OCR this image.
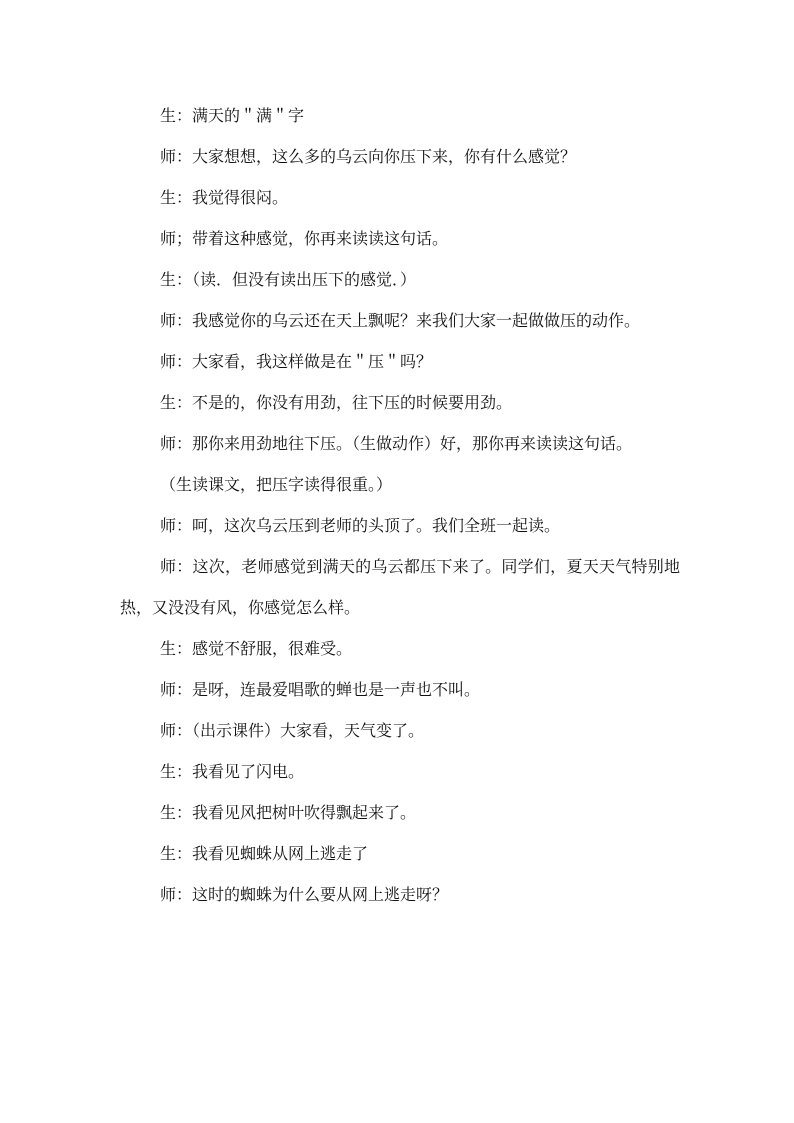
生：满天的＂满＂字

师：大家想想，这么多的乌云向你压下来，你有什么感觉？

生：我觉得很闷。

师；带着这种感觉，你再来读读这句话。

生：（读．但没有读出压下的感觉．）

师：我感觉你的乌云还在天上飘呢？来我们大家一起做做压的动作。

师：大家看，我这样做是在＂压＂吗？

生：不是的，你没有用劲，往下压的时候要用劲。

师：那你来用劲地往下压。（生做动作）好，那你再来读读这句话。

（生读课文，把压字读得很重。）

师：呵，这次乌云压到老师的头顶了。我们全班一起读。

师：这次，老师感觉到满天的乌云都压下来了。同学们，夏天天气特别地热，又没没有风，你感觉怎么样。

生：感觉不舒服，很难受。

师：是呀，连最爱唱歌的蝉也是一声也不叫。

师：（出示课件）大家看，天气变了。

生：我看见了闪电。

生：我看见风把树叶吹得飘起来了。

生：我看见蜘蛛从网上逃走了

师：这时的蜘蛛为什么要从网上逃走呀？
